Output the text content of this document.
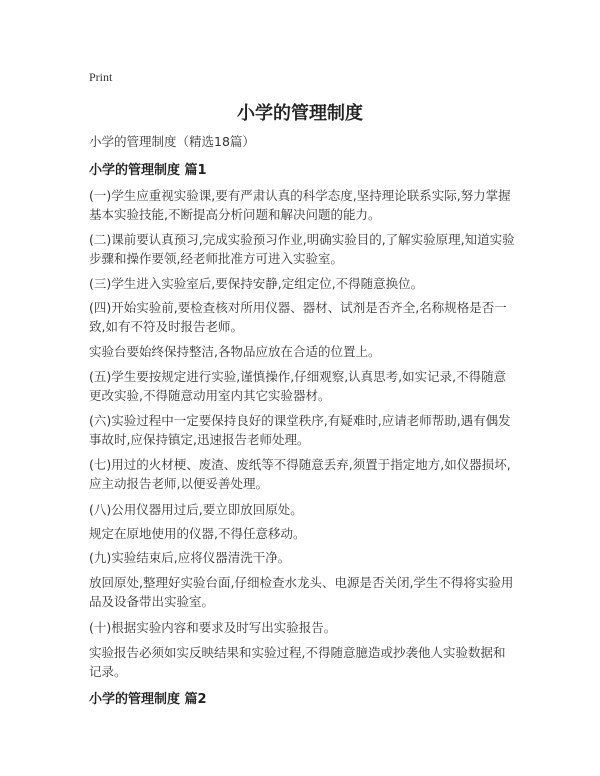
Print
小学的管理制度
小学的管理制度（精选18篇）
小学的管理制度 篇1

(一)学生应重视实验课,要有严肃认真的科学态度,坚持理论联系实际,努力掌握基本实验技能,不断提高分析问题和解决问题的能力。

(二)课前要认真预习,完成实验预习作业,明确实验目的,了解实验原理,知道实验步骤和操作要领,经老师批准方可进入实验室。

(三)学生进入实验室后,要保持安静,定组定位,不得随意换位。

(四)开始实验前,要检查核对所用仪器、器材、试剂是否齐全,名称规格是否一致,如有不符及时报告老师。

实验台要始终保持整洁,各物品应放在合适的位置上。

(五)学生要按规定进行实验,谨慎操作,仔细观察,认真思考,如实记录,不得随意更改实验,不得随意动用室内其它实验器材。

(六)实验过程中一定要保持良好的课堂秩序,有疑难时,应请老师帮助,遇有偶发事故时,应保持镇定,迅速报告老师处理。

(七)用过的火材梗、废渣、废纸等不得随意丢弃,须置于指定地方,如仪器损坏,应主动报告老师,以便妥善处理。

(八)公用仪器用过后,要立即放回原处。

规定在原地使用的仪器,不得任意移动。

(九)实验结束后,应将仪器清洗干净。

放回原处,整理好实验台面,仔细检查水龙头、电源是否关闭,学生不得将实验用品及设备带出实验室。

(十)根据实验内容和要求及时写出实验报告。

实验报告必须如实反映结果和实验过程,不得随意臆造或抄袭他人实验数据和记录。

小学的管理制度 篇2
